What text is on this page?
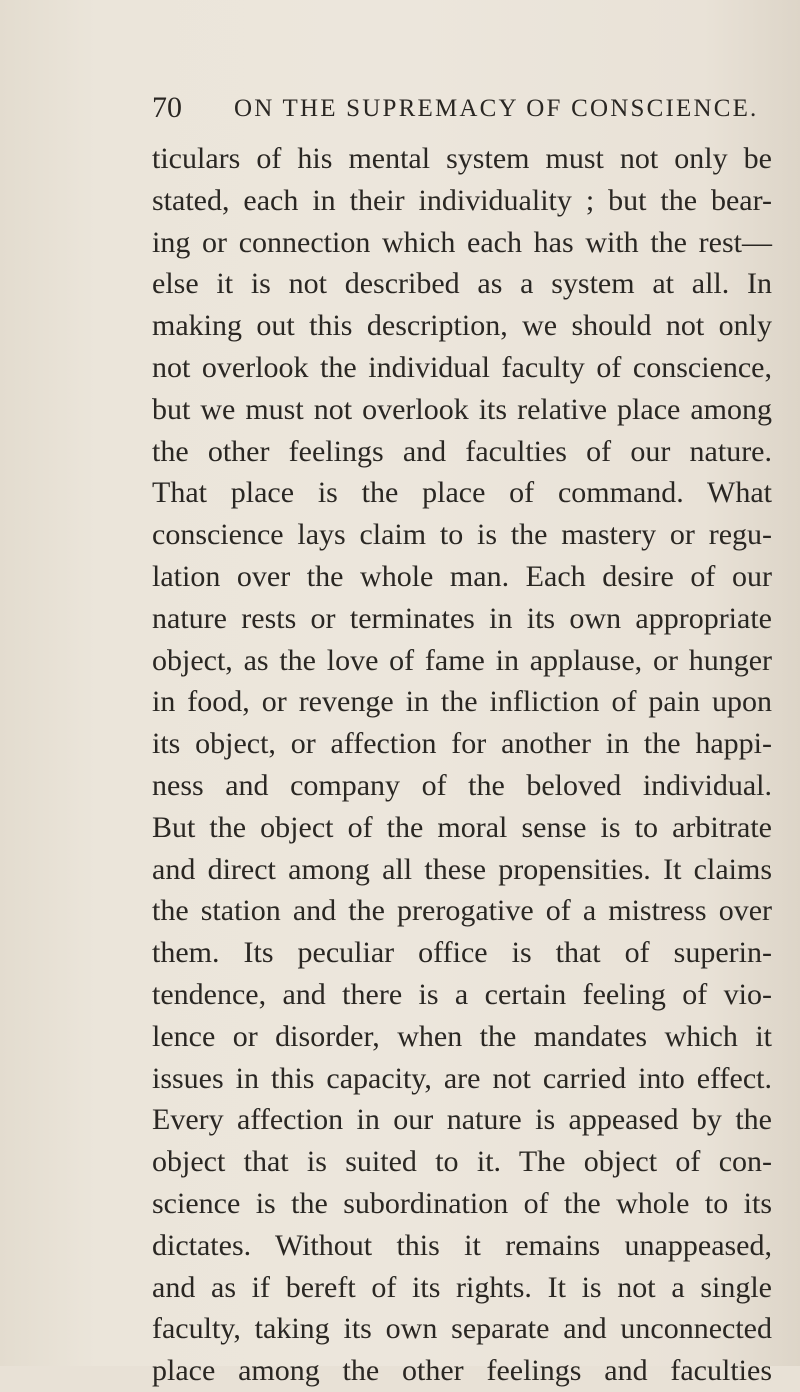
70 ON THE SUPREMACY OF CONSCIENCE.
ticulars of his mental system must not only be
stated, each in their individuality ; but the bear-
ing or connection which each has with the rest—
else it is not described as a system at all. In
making out this description, we should not only
not overlook the individual faculty of conscience,
but we must not overlook its relative place among
the other feelings and faculties of our nature.
That place is the place of command. What
conscience lays claim to is the mastery or regu-
lation over the whole man. Each desire of our
nature rests or terminates in its own appropriate
object, as the love of fame in applause, or hunger
in food, or revenge in the infliction of pain upon
its object, or affection for another in the happi-
ness and company of the beloved individual.
But the object of the moral sense is to arbitrate
and direct among all these propensities. It claims
the station and the prerogative of a mistress over
them. Its peculiar office is that of superin-
tendence, and there is a certain feeling of vio-
lence or disorder, when the mandates which it
issues in this capacity, are not carried into effect.
Every affection in our nature is appeased by the
object that is suited to it. The object of con-
science is the subordination of the whole to its
dictates. Without this it remains unappeased,
and as if bereft of its rights. It is not a single
faculty, taking its own separate and unconnected
place among the other feelings and faculties
